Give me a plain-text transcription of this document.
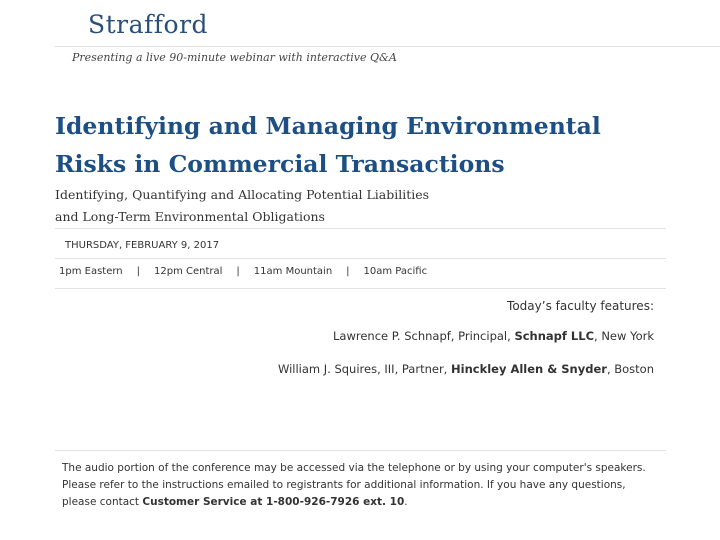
Strafford
Presenting a live 90-minute webinar with interactive Q&A
Identifying and Managing Environmental
Risks in Commercial Transactions
Identifying, Quantifying and Allocating Potential Liabilities
and Long-Term Environmental Obligations
THURSDAY, FEBRUARY 9, 2017
1pm Eastern	|	12pm Central	|	11am Mountain	|	10am Pacific
Today’s faculty features:
Lawrence P. Schnapf, Principal, Schnapf LLC, New York
William J. Squires, III, Partner, Hinckley Allen & Snyder, Boston
The audio portion of the conference may be accessed via the telephone or by using your computer's speakers. Please refer to the instructions emailed to registrants for additional information. If you have any questions, please contact Customer Service at 1-800-926-7926 ext. 10.
